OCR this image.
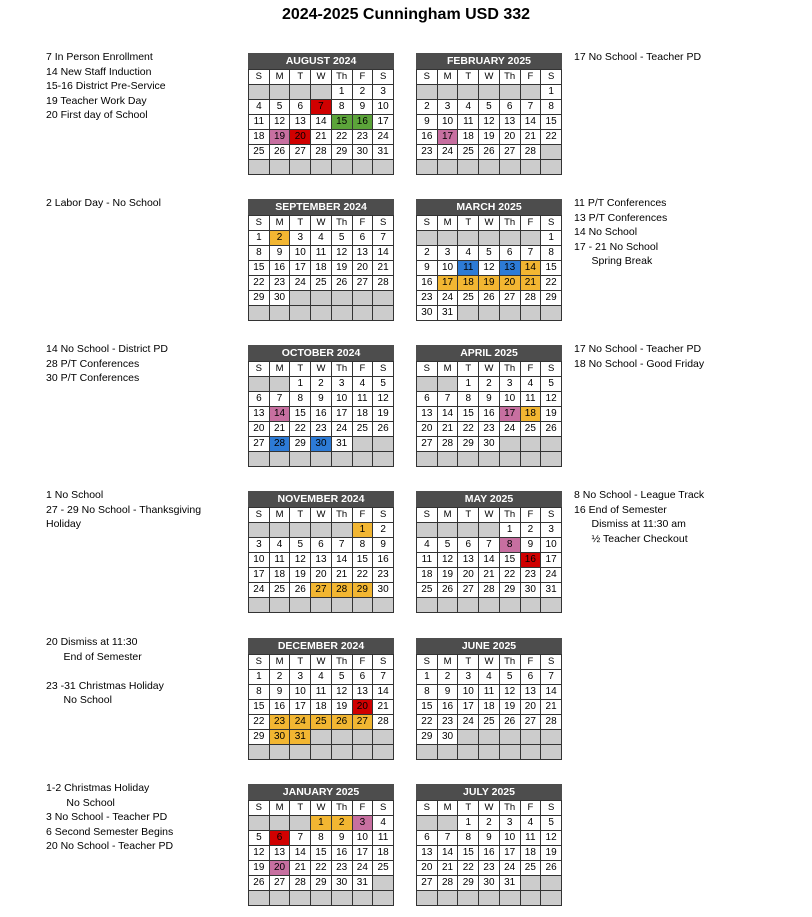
2024-2025 Cunningham USD 332
7 In Person Enrollment
14 New Staff Induction
15-16 District Pre-Service
19 Teacher Work Day
20 First day of School
2 Labor Day - No School
14 No School - District PD
28 P/T Conferences
30 P/T Conferences
1 No School
27 - 29 No School - Thanksgiving
Holiday
20 Dismiss at 11:30
End of Semester

23 -31 Christmas Holiday
No School
1-2 Christmas Holiday
No School
3 No School - Teacher PD
6 Second Semester Begins
20 No School - Teacher PD
17 No School - Teacher PD
11 P/T Conferences
13 P/T Conferences
14 No School
17 - 21 No School
Spring Break
17 No School - Teacher PD
18 No School - Good Friday
8 No School - League Track
16 End of Semester
Dismiss at 11:30 am
½ Teacher Checkout
AUGUST 2024
S	M	T	W	Th	F	S
				1	2	3
4	5	6	7	8	9	10
11	12	13	14	15	16	17
18	19	20	21	22	23	24
25	26	27	28	29	30	31

SEPTEMBER 2024
S	M	T	W	Th	F	S
1	2	3	4	5	6	7
8	9	10	11	12	13	14
15	16	17	18	19	20	21
22	23	24	25	26	27	28
29	30					

OCTOBER 2024
S	M	T	W	Th	F	S
		1	2	3	4	5
6	7	8	9	10	11	12
13	14	15	16	17	18	19
20	21	22	23	24	25	26
27	28	29	30	31		

NOVEMBER 2024
S	M	T	W	Th	F	S
					1	2
3	4	5	6	7	8	9
10	11	12	13	14	15	16
17	18	19	20	21	22	23
24	25	26	27	28	29	30

DECEMBER 2024
S	M	T	W	Th	F	S
1	2	3	4	5	6	7
8	9	10	11	12	13	14
15	16	17	18	19	20	21
22	23	24	25	26	27	28
29	30	31				

JANUARY 2025
S	M	T	W	Th	F	S
			1	2	3	4
5	6	7	8	9	10	11
12	13	14	15	16	17	18
19	20	21	22	23	24	25
26	27	28	29	30	31	

FEBRUARY 2025
S	M	T	W	Th	F	S
						1
2	3	4	5	6	7	8
9	10	11	12	13	14	15
16	17	18	19	20	21	22
23	24	25	26	27	28	

MARCH 2025
S	M	T	W	Th	F	S
						1
2	3	4	5	6	7	8
9	10	11	12	13	14	15
16	17	18	19	20	21	22
23	24	25	26	27	28	29
30	31					
APRIL 2025
S	M	T	W	Th	F	S
		1	2	3	4	5
6	7	8	9	10	11	12
13	14	15	16	17	18	19
20	21	22	23	24	25	26
27	28	29	30			

MAY 2025
S	M	T	W	Th	F	S
				1	2	3
4	5	6	7	8	9	10
11	12	13	14	15	16	17
18	19	20	21	22	23	24
25	26	27	28	29	30	31

JUNE 2025
S	M	T	W	Th	F	S
1	2	3	4	5	6	7
8	9	10	11	12	13	14
15	16	17	18	19	20	21
22	23	24	25	26	27	28
29	30					

JULY 2025
S	M	T	W	Th	F	S
		1	2	3	4	5
6	7	8	9	10	11	12
13	14	15	16	17	18	19
20	21	22	23	24	25	26
27	28	29	30	31		
